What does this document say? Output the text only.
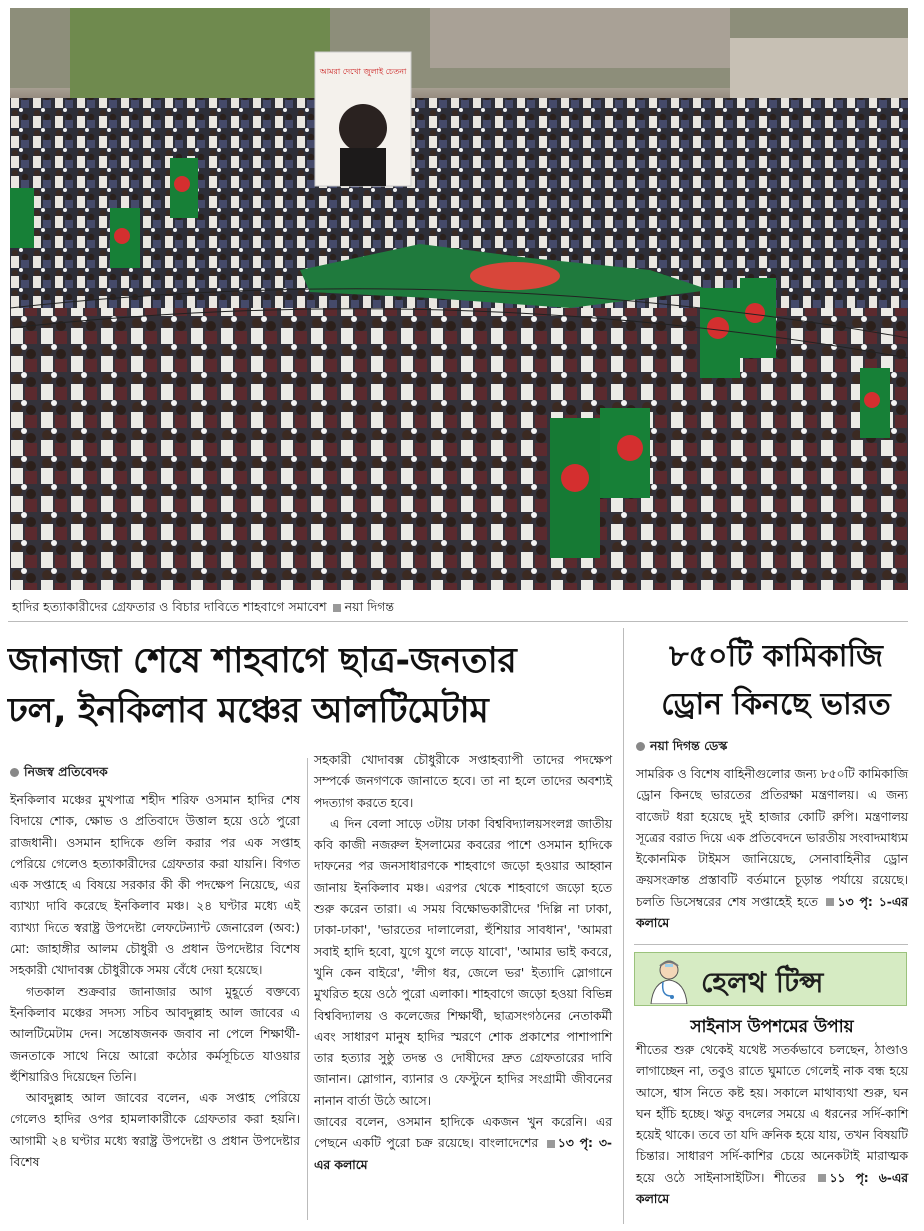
আমরা দেখো জুলাই চেতনা
হাদির হত্যাকারীদের গ্রেফতার ও বিচার দাবিতে শাহবাগে সমাবেশ নয়া দিগন্ত
জানাজা শেষে শাহবাগে ছাত্র-জনতার
ঢল, ইনকিলাব মঞ্চের আলটিমেটাম
নিজস্ব প্রতিবেদক

ইনকিলাব মঞ্চের মুখপাত্র শহীদ শরিফ ওসমান হাদির শেষ বিদায়ে শোক, ক্ষোভ ও প্রতিবাদে উত্তাল হয়ে ওঠে পুরো রাজধানী। ওসমান হাদিকে গুলি করার পর এক সপ্তাহ পেরিয়ে গেলেও হত্যাকারীদের গ্রেফতার করা যায়নি। বিগত এক সপ্তাহে এ বিষয়ে সরকার কী কী পদক্ষেপ নিয়েছে, এর ব্যাখ্যা দাবি করেছে ইনকিলাব মঞ্চ। ২৪ ঘণ্টার মধ্যে এই ব্যাখ্যা দিতে স্বরাষ্ট্র উপদেষ্টা লেফটেন্যান্ট জেনারেল (অব:) মো: জাহাঙ্গীর আলম চৌধুরী ও প্রধান উপদেষ্টার বিশেষ সহকারী খোদাবক্স চৌধুরীকে সময় বেঁধে দেয়া হয়েছে।

গতকাল শুক্রবার জানাজার আগ মুহূর্তে বক্তব্যে ইনকিলাব মঞ্চের সদস্য সচিব আবদুল্লাহ আল জাবের এ আলটিমেটাম দেন। সন্তোষজনক জবাব না পেলে শিক্ষার্থী-জনতাকে সাথে নিয়ে আরো কঠোর কর্মসূচিতে যাওয়ার হুঁশিয়ারিও দিয়েছেন তিনি।

আবদুল্লাহ আল জাবের বলেন, এক সপ্তাহ পেরিয়ে গেলেও হাদির ওপর হামলাকারীকে গ্রেফতার করা হয়নি। আগামী ২৪ ঘণ্টার মধ্যে স্বরাষ্ট্র উপদেষ্টা ও প্রধান উপদেষ্টার বিশেষ

সহকারী খোদাবক্স চৌধুরীকে সপ্তাহব্যাপী তাদের পদক্ষেপ সম্পর্কে জনগণকে জানাতে হবে। তা না হলে তাদের অবশ্যই পদত্যাগ করতে হবে।

এ দিন বেলা সাড়ে ৩টায় ঢাকা বিশ্ববিদ্যালয়সংলগ্ন জাতীয় কবি কাজী নজরুল ইসলামের কবরের পাশে ওসমান হাদিকে দাফনের পর জনসাধারণকে শাহবাগে জড়ো হওয়ার আহ্বান জানায় ইনকিলাব মঞ্চ। এরপর থেকে শাহবাগে জড়ো হতে শুরু করেন তারা। এ সময় বিক্ষোভকারীদের 'দিল্লি না ঢাকা, ঢাকা-ঢাকা', 'ভারতের দালালেরা, হুঁশিয়ার সাবধান', 'আমরা সবাই হাদি হবো, যুগে যুগে লড়ে যাবো', 'আমার ভাই কবরে, খুনি কেন বাইরে', 'লীগ ধর, জেলে ভর' ইত্যাদি স্লোগানে মুখরিত হয়ে ওঠে পুরো এলাকা। শাহবাগে জড়ো হওয়া বিভিন্ন বিশ্ববিদ্যালয় ও কলেজের শিক্ষার্থী, ছাত্রসংগঠনের নেতাকর্মী এবং সাধারণ মানুষ হাদির স্মরণে শোক প্রকাশের পাশাপাশি তার হত্যার সুষ্ঠু তদন্ত ও দোষীদের দ্রুত গ্রেফতারের দাবি জানান। স্লোগান, ব্যানার ও ফেস্টুনে হাদির সংগ্রামী জীবনের নানান বার্তা উঠে আসে।

জাবের বলেন, ওসমান হাদিকে একজন খুন করেনি। এর পেছনে একটি পুরো চক্র রয়েছে। বাংলাদেশের ১৩ পৃ: ৩-এর কলামে
৮৫০টি কামিকাজি
ড্রোন কিনছে ভারত
নয়া দিগন্ত ডেস্ক

সামরিক ও বিশেষ বাহিনীগুলোর জন্য ৮৫০টি কামিকাজি ড্রোন কিনছে ভারতের প্রতিরক্ষা মন্ত্রণালয়। এ জন্য বাজেট ধরা হয়েছে দুই হাজার কোটি রুপি। মন্ত্রণালয় সূত্রের বরাত দিয়ে এক প্রতিবেদনে ভারতীয় সংবাদমাধ্যম ইকোনমিক টাইমস জানিয়েছে, সেনাবাহিনীর ড্রোন ক্রয়সংক্রান্ত প্রস্তাবটি বর্তমানে চূড়ান্ত পর্যায়ে রয়েছে। চলতি ডিসেম্বরের শেষ সপ্তাহেই হতে ১৩ পৃ: ১-এর কলামে
হেলথ টিপ্স
সাইনাস উপশমের উপায়

শীতের শুরু থেকেই যথেষ্ট সতর্কভাবে চলছেন, ঠাণ্ডাও লাগাচ্ছেন না, তবুও রাতে ঘুমাতে গেলেই নাক বন্ধ হয়ে আসে, শ্বাস নিতে কষ্ট হয়। সকালে মাথাব্যথা শুরু, ঘন ঘন হাঁচি হচ্ছে। ঋতু বদলের সময়ে এ ধরনের সর্দি-কাশি হয়েই থাকে। তবে তা যদি ক্রনিক হয়ে যায়, তখন বিষয়টি চিন্তার। সাধারণ সর্দি-কাশির চেয়ে অনেকটাই মারাত্মক হয়ে ওঠে সাইনাসাইটিস। শীতের ১১ পৃ: ৬-এর কলামে
